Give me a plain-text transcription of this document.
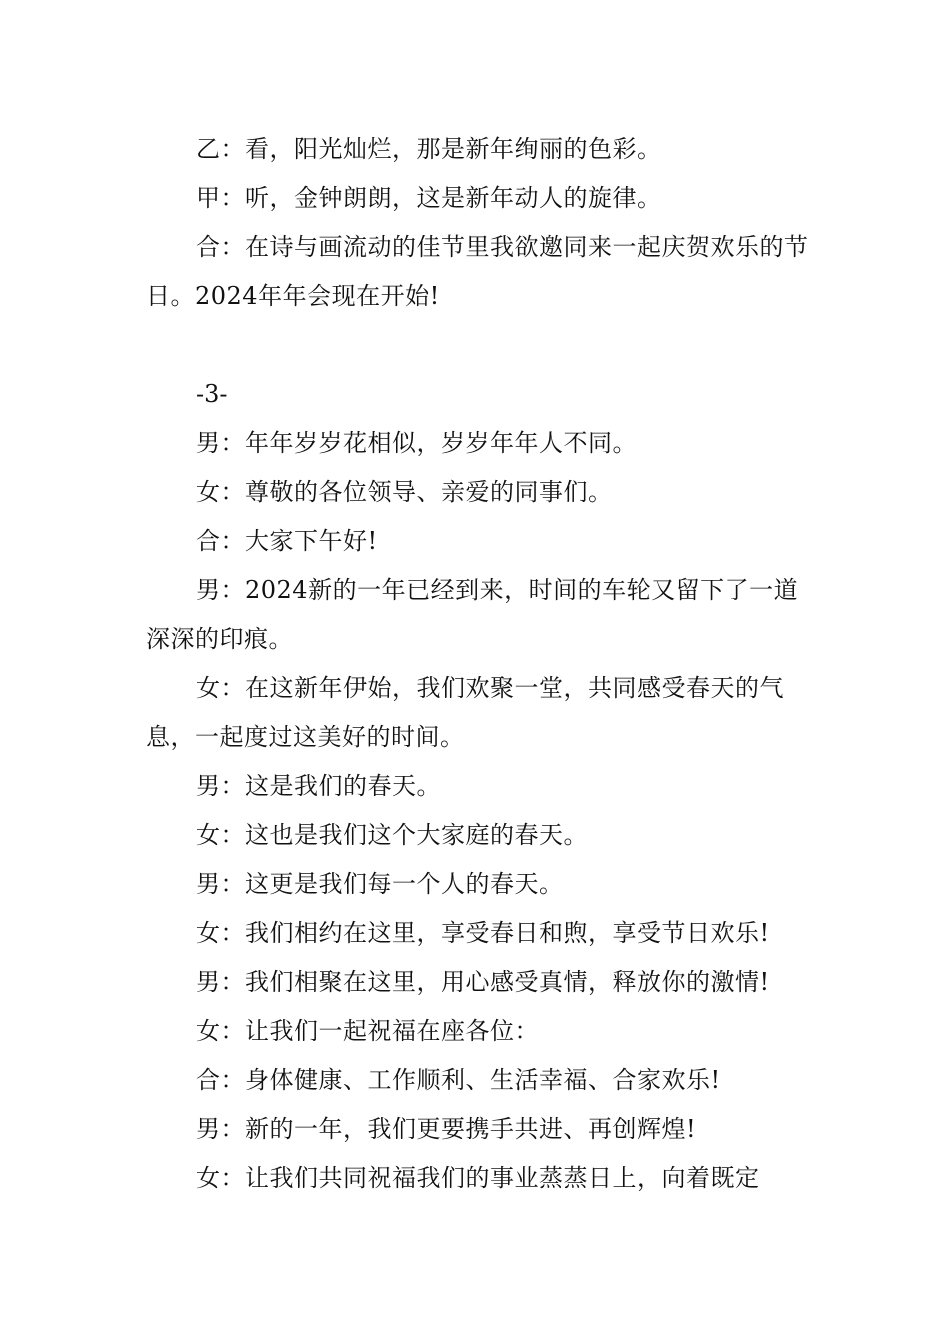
乙：看，阳光灿烂，那是新年绚丽的色彩。

甲：听，金钟朗朗，这是新年动人的旋律。

合：在诗与画流动的佳节里我欲邀同来一起庆贺欢乐的节日。2024年年会现在开始!

-3-

男：年年岁岁花相似，岁岁年年人不同。

女：尊敬的各位领导、亲爱的同事们。

合：大家下午好!

男：2024新的一年已经到来，时间的车轮又留下了一道深深的印痕。

女：在这新年伊始，我们欢聚一堂，共同感受春天的气息，一起度过这美好的时间。

男：这是我们的春天。

女：这也是我们这个大家庭的春天。

男：这更是我们每一个人的春天。

女：我们相约在这里，享受春日和煦，享受节日欢乐!

男：我们相聚在这里，用心感受真情，释放你的激情!

女：让我们一起祝福在座各位：

合：身体健康、工作顺利、生活幸福、合家欢乐!

男：新的一年，我们更要携手共进、再创辉煌!

女：让我们共同祝福我们的事业蒸蒸日上，向着既定
